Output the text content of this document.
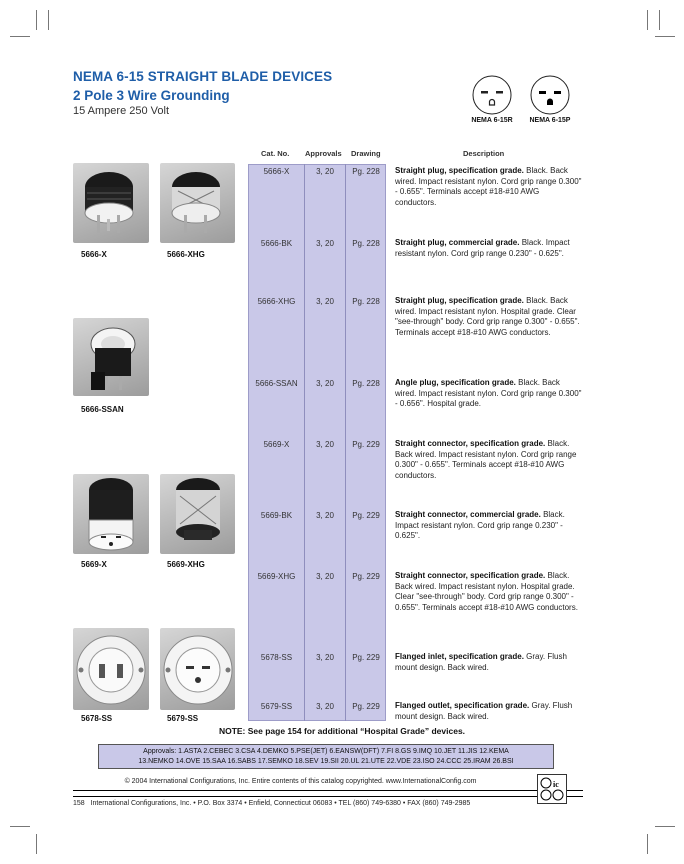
NEMA 6-15 STRAIGHT BLADE DEVICES
2 Pole 3 Wire Grounding
15 Ampere 250 Volt
NEMA 6-15R	NEMA 6-15P
Cat. No. Approvals Drawing	Description
5666-X	3, 20	Pg. 228	Straight plug, specification grade. Black. Back wired. Impact resistant nylon. Cord grip range 0.300" - 0.655". Terminals accept #18-#10 AWG conductors.
5666-BK	3, 20	Pg. 228	Straight plug, commercial grade. Black. Impact resistant nylon. Cord grip range 0.230" - 0.625".
5666-XHG	3, 20	Pg. 228	Straight plug, specification grade. Black. Back wired. Impact resistant nylon. Hospital grade. Clear "see-through" body. Cord grip range 0.300" - 0.655". Terminals accept #18-#10 AWG conductors.
5666-SSAN	3, 20	Pg. 228	Angle plug, specification grade. Black. Back wired. Impact resistant nylon. Cord grip range 0.300" - 0.656". Hospital grade.
5669-X	3, 20	Pg. 229	Straight connector, specification grade. Black. Back wired. Impact resistant nylon. Cord grip range 0.300" - 0.655". Terminals accept #18-#10 AWG conductors.
5669-BK	3, 20	Pg. 229	Straight connector, commercial grade. Black. Impact resistant nylon. Cord grip range 0.230" - 0.625".
5669-XHG	3, 20	Pg. 229	Straight connector, specification grade. Black. Back wired. Impact resistant nylon. Hospital grade. Clear "see-through" body. Cord grip range 0.300" - 0.655". Terminals accept #18-#10 AWG conductors.
5678-SS	3, 20	Pg. 229	Flanged inlet, specification grade. Gray. Flush mount design. Back wired.
5679-SS	3, 20	Pg. 229	Flanged outlet, specification grade. Gray. Flush mount design. Back wired.
5666-X	5666-XHG
5666-SSAN
5669-X	5669-XHG
5678-SS	5679-SS
NOTE: See page 154 for additional “Hospital Grade” devices.
Approvals: 1.ASTA 2.CEBEC 3.CSA 4.DEMKO 5.PSE(JET) 6.EANSW(DFT) 7.FI 8.GS 9.IMQ 10.JET 11.JIS 12.KEMA
13.NEMKO 14.OVE 15.SAA 16.SABS 17.SEMKO 18.SEV 19.SII 20.UL 21.UTE 22.VDE 23.ISO 24.CCC 25.IRAM 26.BSI
© 2004 International Configurations, Inc. Entire contents of this catalog copyrighted. www.InternationalConfig.com
158 International Configurations, Inc. • P.O. Box 3374 • Enfield, Connecticut 06083 • TEL (860) 749-6380 • FAX (860) 749-2985
ic
